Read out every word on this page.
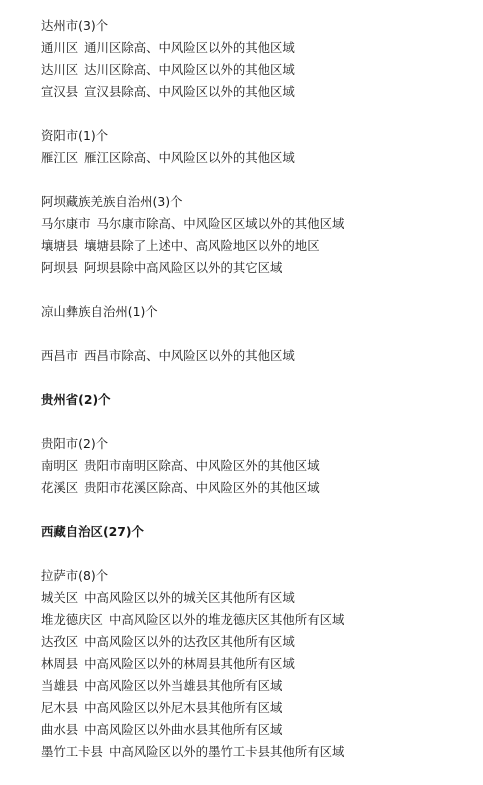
达州市(3)个
通川区 通川区除高、中风险区以外的其他区域
达川区 达川区除高、中风险区以外的其他区域
宣汉县 宣汉县除高、中风险区以外的其他区域
资阳市(1)个
雁江区 雁江区除高、中风险区以外的其他区域
阿坝藏族羌族自治州(3)个
马尔康市 马尔康市除高、中风险区区域以外的其他区域
壤塘县 壤塘县除了上述中、高风险地区以外的地区
阿坝县 阿坝县除中高风险区以外的其它区域
凉山彝族自治州(1)个
西昌市 西昌市除高、中风险区以外的其他区域
贵州省(2)个
贵阳市(2)个
南明区 贵阳市南明区除高、中风险区外的其他区域
花溪区 贵阳市花溪区除高、中风险区外的其他区域
西藏自治区(27)个
拉萨市(8)个
城关区 中高风险区以外的城关区其他所有区域
堆龙德庆区 中高风险区以外的堆龙德庆区其他所有区域
达孜区 中高风险区以外的达孜区其他所有区域
林周县 中高风险区以外的林周县其他所有区域
当雄县 中高风险区以外当雄县其他所有区域
尼木县 中高风险区以外尼木县其他所有区域
曲水县 中高风险区以外曲水县其他所有区域
墨竹工卡县 中高风险区以外的墨竹工卡县其他所有区域
